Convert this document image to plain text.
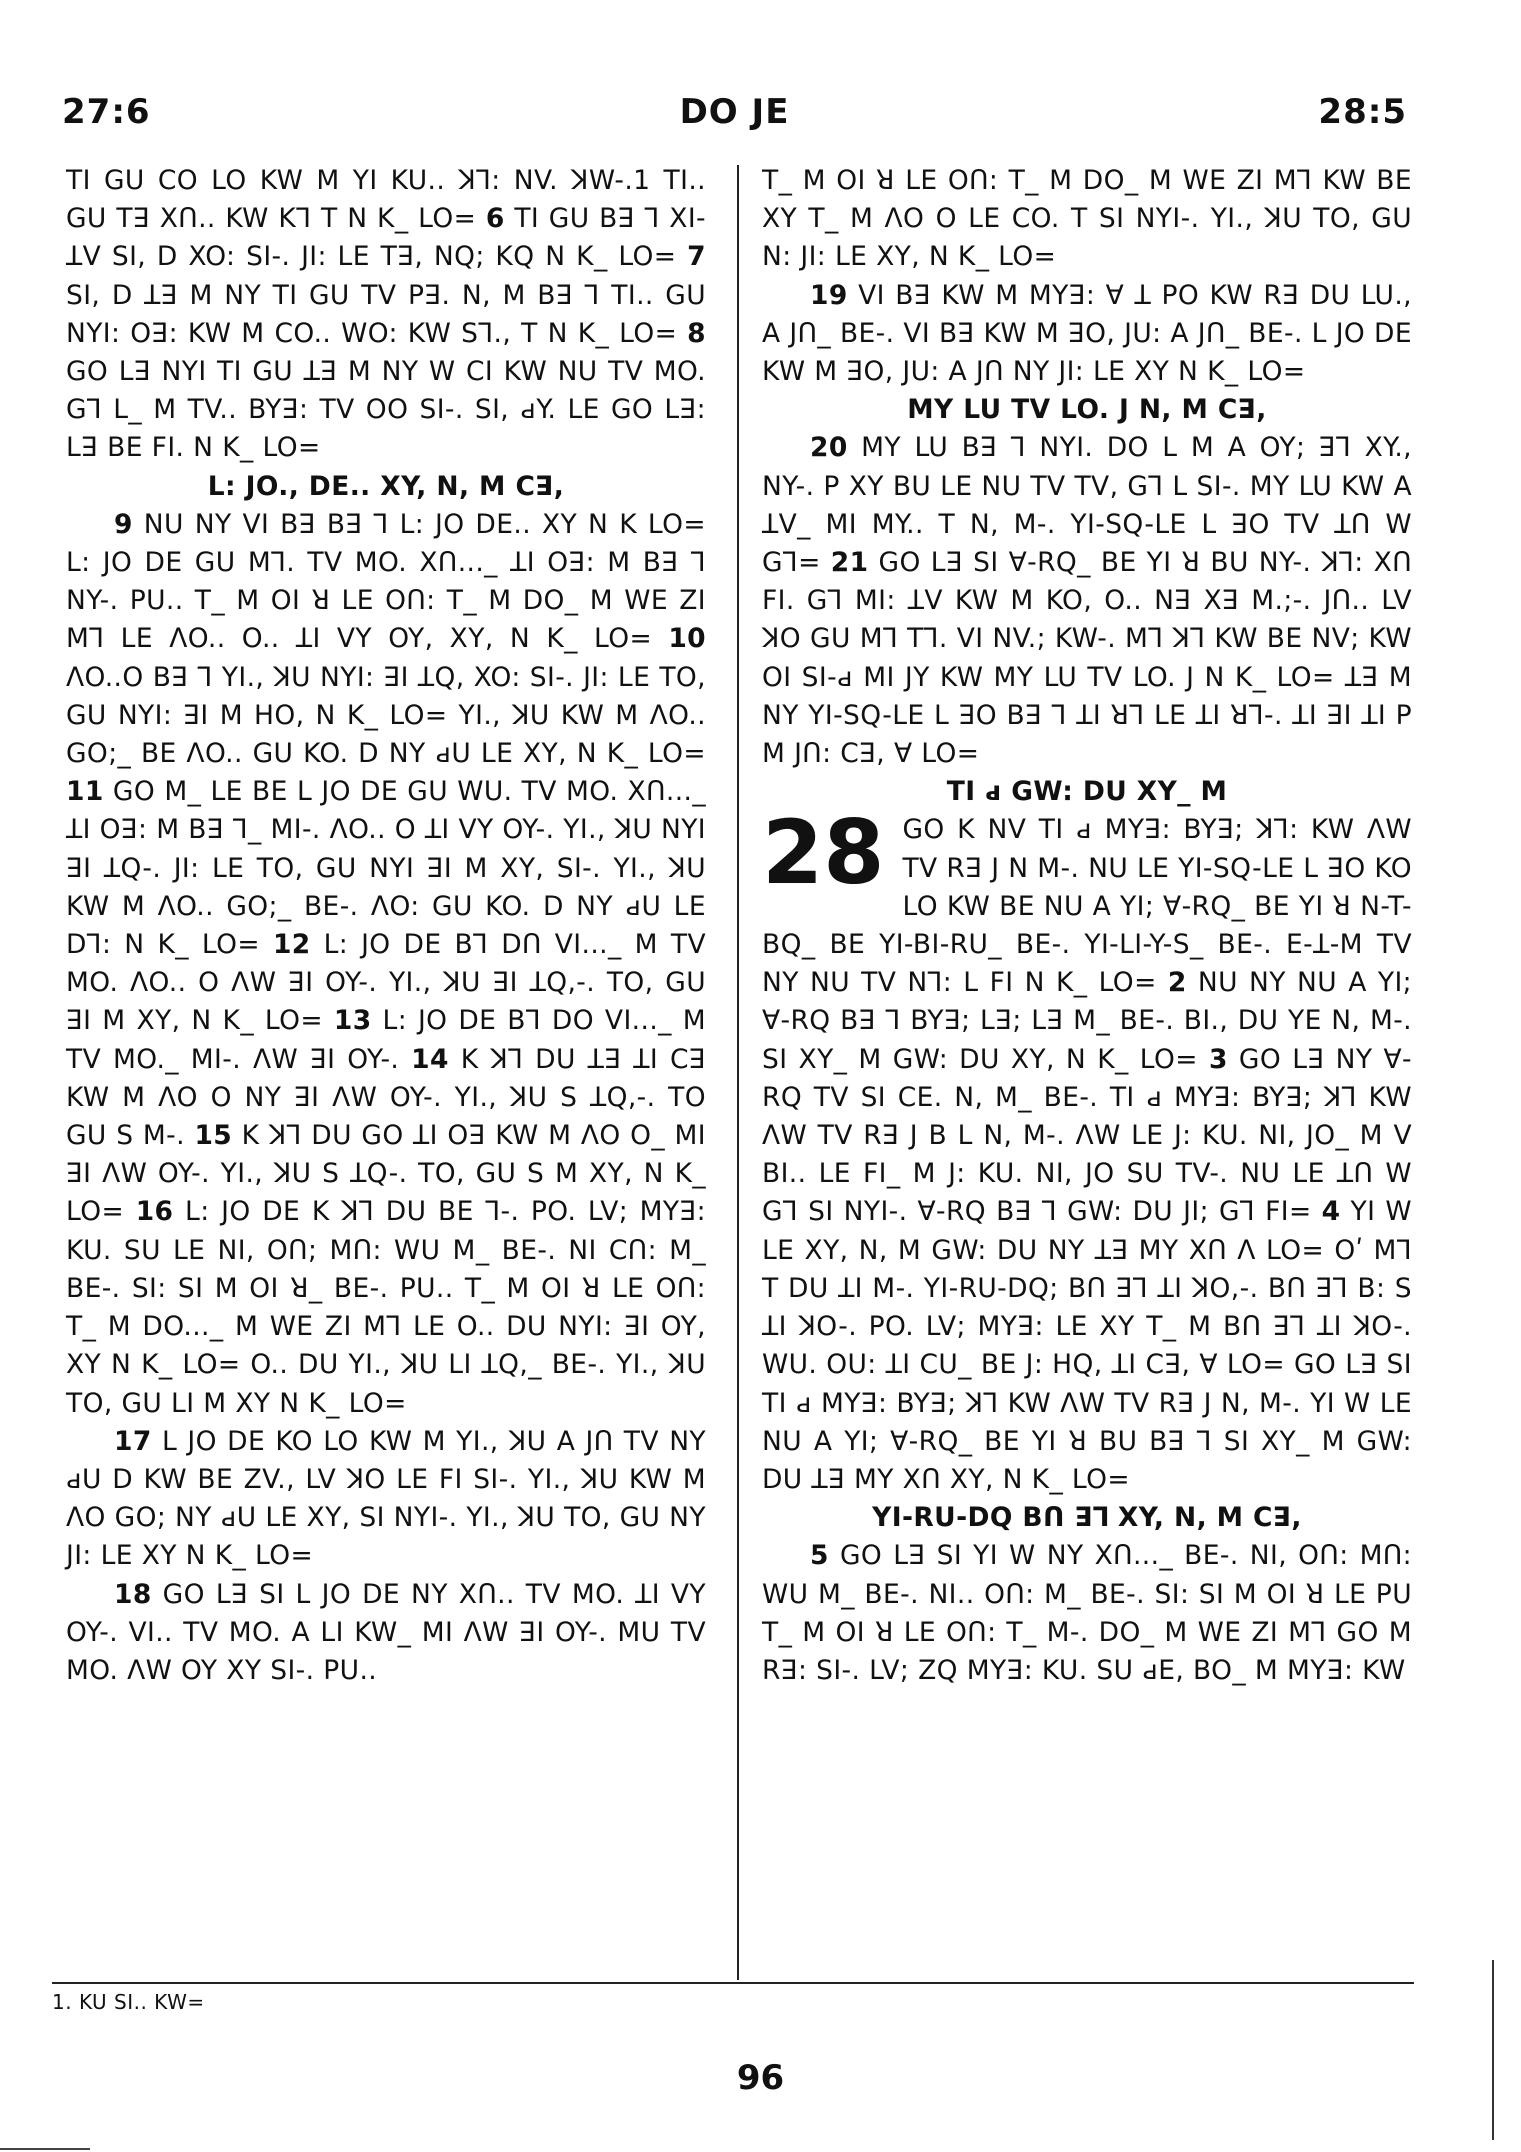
27:6	DO JE	28:5

TI GU CO LO KW M YI KU.. ꓘꓶ: NV. ꓘW-.1 TI.. GU Tꓱ Xꓵ.. KW Kꓶ T N K_ LO= 6 TI GU Bꓱ ꓶ XI-ꓕV SI, D XO: SI-. JI: LE Tꓱ, NQ; KQ N K_ LO= 7 SI, D ꓕꓱ M NY TI GU TV Pꓱ. N, M Bꓱ ꓶ TI.. GU NYI: Oꓱ: KW M CO.. WO: KW Sꓶ., T N K_ LO= 8 GO Lꓱ NYI TI GU ꓕꓱ M NY W CI KW NU TV MO. Gꓶ L_ M TV.. BYꓱ: TV OO SI-. SI, ԁY. LE GO Lꓱ: Lꓱ BE FI. N K_ LO=

L: JO., DE.. XY, N, M Cꓱ,

9 NU NY VI Bꓱ Bꓱ ꓶ L: JO DE.. XY N K LO= L: JO DE GU Mꓶ. TV MO. Xꓵ..._ ꓕI Oꓱ: M Bꓱ ꓶ NY-. PU.. T_ M Oꓲ ꓤ LE Oꓵ: T_ M DO_ M WE ZI Mꓶ LE ꓥO.. O.. ꓕI VY OY, XY, N K_ LO= 10 ꓥO..O Bꓱ ꓶ YI., ꓘU NYI: ꓱI ꓕQ, XO: SI-. JI: LE TO, GU NYI: ꓱI M HO, N K_ LO= YI., ꓘU KW M ꓥO.. GO;_ BE ꓥO.. GU KO. D NY ԁU LE XY, N K_ LO= 11 GO M_ LE BE L JO DE GU WU. TV MO. Xꓵ..._ ꓕI Oꓱ: M Bꓱ ꓶ_ MI-. ꓥO.. O ꓕI VY OY-. YI., ꓘU NYI ꓱI ꓕQ-. JI: LE TO, GU NYI ꓱI M XY, SI-. YI., ꓘU KW M ꓥO.. GO;_ BE-. ꓥO: GU KO. D NY ԁU LE Dꓶ: N K_ LO= 12 L: JO DE Bꓶ Dꓵ VI..._ M TV MO. ꓥO.. O ꓥW ꓱI OY-. YI., ꓘU ꓱI ꓕQ,-. TO, GU ꓱI M XY, N K_ LO= 13 L: JO DE Bꓶ DO VI..._ M TV MO._ MI-. ꓥW ꓱI OY-. 14 K ꓘꓶ DU ꓕꓱ ꓕI Cꓱ KW M ꓥO O NY ꓱI ꓥW OY-. YI., ꓘU S ꓕQ,-. TO GU S M-. 15 K ꓘꓶ DU GO ꓕI Oꓱ KW M ꓥO O_ MI ꓱI ꓥW OY-. YI., ꓘU S ꓕQ-. TO, GU S M XY, N K_ LO= 16 L: JO DE K ꓘꓶ DU BE ꓶ-. PO. LV; MYꓱ: KU. SU LE NI, Oꓵ; Mꓵ: WU M_ BE-. NI Cꓵ: M_ BE-. SI: SI M Oꓲ ꓤ_ BE-. PU.. T_ M Oꓲ ꓤ LE Oꓵ: T_ M DO..._ M WE ZI Mꓶ LE O.. DU NYI: ꓱI OY, XY N K_ LO= O.. DU YI., ꓘU LI ꓕQ,_ BE-. YI., ꓘU TO, GU LI M XY N K_ LO=

17 L JO DE KO LO KW M YI., ꓘU A Jꓵ TV NY ԁU D KW BE ZV., LV ꓘO LE FI SI-. YI., ꓘU KW M ꓥO GO; NY ԁU LE XY, SI NYI-. YI., ꓘU TO, GU NY JI: LE XY N K_ LO=

18 GO Lꓱ SI L JO DE NY Xꓵ.. TV MO. ꓕI VY OY-. VI.. TV MO. A LI KW_ MI ꓥW ꓱI OY-. MU TV MO. ꓥW OY XY SI-. PU..

T_ M Oꓲ ꓤ LE Oꓵ: T_ M DO_ M WE ZI Mꓶ KW BE XY T_ M ꓥO O LE CO. T SI NYI-. YI., ꓘU TO, GU N: JI: LE XY, N K_ LO=

19 VI Bꓱ KW M MYꓱ: ꓯ ꓕ PO KW Rꓱ DU LU., A Jꓵ_ BE-. VI Bꓱ KW M ꓱO, JU: A Jꓵ_ BE-. L JO DE KW M ꓱO, JU: A Jꓵ NY JI: LE XY N K_ LO=

MY LU TV LO. J N, M Cꓱ,

20 MY LU Bꓱ ꓶ NYI. DO L M A OY; ꓱꓶ XY., NY-. P XY BU LE NU TV TV, Gꓶ L SI-. MY LU KW A ꓕV_ MI MY.. T N, M-. YI-SQ-LE L ꓱO TV ꓕꓵ W Gꓶ= 21 GO Lꓱ SI ꓯ-RQ_ BE YI ꓤ BU NY-. ꓘꓶ: Xꓵ FI. Gꓶ MI: ꓕV KW M KO, O.. Nꓱ Xꓱ M.;-. Jꓵ.. LV ꓘO GU Mꓶ Tꓶ. VI NV.; KW-. Mꓶ ꓘꓶ KW BE NV; KW Oꓲ SI-ԁ MI JY KW MY LU TV LO. J N K_ LO= ꓕꓱ M NY YI-SQ-LE L ꓱO Bꓱ ꓶ ꓕI ꓤꓶ LE ꓕI ꓤꓶ-. ꓕI ꓱI ꓕI P M Jꓵ: Cꓱ, ꓯ LO=

TI ԁ GW: DU XY_ M

28 GO K NV TI ԁ MYꓱ: BYꓱ; ꓘꓶ: KW ꓥW TV Rꓱ J N M-. NU LE YI-SQ-LE L ꓱO KO LO KW BE NU A YI; ꓯ-RQ_ BE YI ꓤ N-T-BQ_ BE YI-BI-ꓣU_ BE-. YI-LI-Y-S_ BE-. E-ꓕ-M TV NY NU TV Nꓶ: L FI N K_ LO= 2 NU NY NU A YI; ꓯ-RQ Bꓱ ꓶ BYꓱ; Lꓱ; Lꓱ M_ BE-. BI., DU YE N, M-. SI XY_ M GW: DU XY, N K_ LO= 3 GO Lꓱ NY ꓯ-RQ TV SI CE. N, M_ BE-. TI ԁ MYꓱ: BYꓱ; ꓘꓶ KW ꓥW TV Rꓱ J B L N, M-. ꓥW LE J: KU. NI, JO_ M V BI.. LE FI_ M J: KU. NI, JO SU TV-. NU LE ꓕꓵ W Gꓶ SI NYI-. ꓯ-RQ Bꓱ ꓶ GW: DU JI; Gꓶ FI= 4 YI W LE XY, N, M GW: DU NY ꓕꓱ MY Xꓵ ꓥ LO= Oʹ Mꓶ T DU ꓕI M-. YI-ꓣU-DQ; Bꓵ ꓱꓶ ꓕI ꓘO,-. Bꓵ ꓱꓶ B: S ꓕI ꓘO-. PO. LV; MYꓱ: LE XY T_ M Bꓵ ꓱꓶ ꓕI ꓘO-. WU. OU: ꓕI CU_ BE J: HQ, ꓕI Cꓱ, ꓯ LO= GO Lꓱ SI TI ԁ MYꓱ: BYꓱ; ꓘꓶ KW ꓥW TV Rꓱ J N, M-. YI W LE NU A YI; ꓯ-RQ_ BE YI ꓤ BU Bꓱ ꓶ SI XY_ M GW: DU ꓕꓱ MY Xꓵ XY, N K_ LO=

YI-ꓣU-DQ Bꓵ ꓱꓶ XY, N, M Cꓱ,

5 GO Lꓱ SI YI W NY Xꓵ..._ BE-. NI, Oꓵ: Mꓵ: WU M_ BE-. NI.. Oꓵ: M_ BE-. SI: SI M Oꓲ ꓤ LE PU T_ M Oꓲ ꓤ LE Oꓵ: T_ M-. DO_ M WE ZI Mꓶ GO M Rꓱ: SI-. LV; ZQ MYꓱ: KU. SU ԁE, BO_ M MYꓱ: KW

1. KU SI.. KW=
96
